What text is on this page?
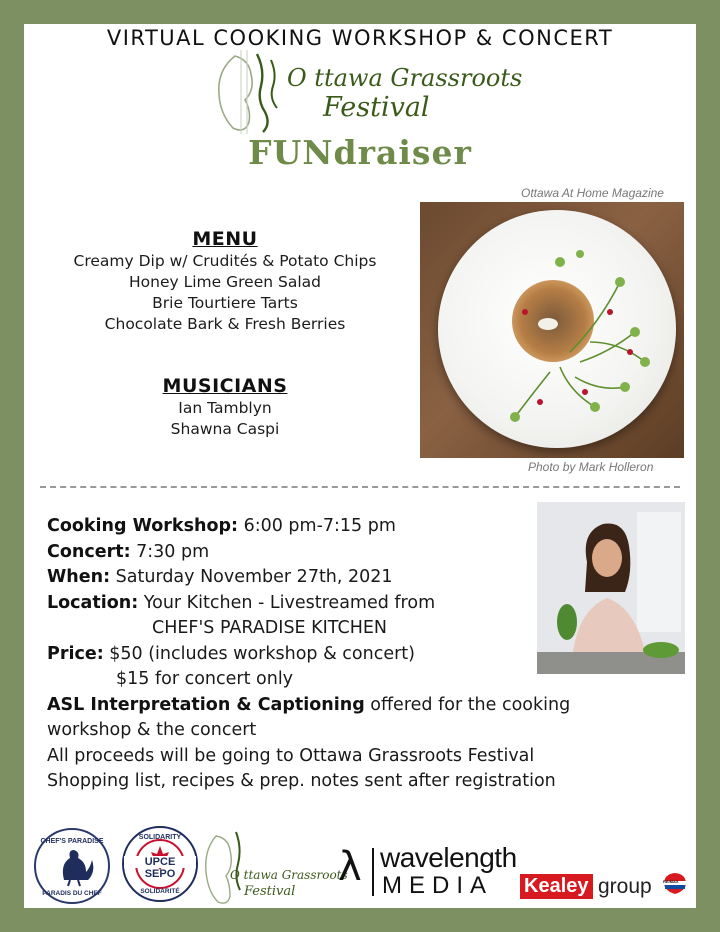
VIRTUAL COOKING WORKSHOP & CONCERT
O ttawa Grassroots
Festival
FUNdraiser
Ottawa At Home Magazine
Photo by Mark Holleron
MENU
Creamy Dip w/ Crudités & Potato Chips
Honey Lime Green Salad
Brie Tourtiere Tarts
Chocolate Bark & Fresh Berries
MUSICIANS
Ian Tamblyn
Shawna Caspi
Cooking Workshop: 6:00 pm-7:15 pm
Concert: 7:30 pm
When: Saturday November 27th, 2021
Location: Your Kitchen - Livestreamed from
CHEF'S PARADISE KITCHEN
Price: $50 (includes workshop & concert)
$15 for concert only
ASL Interpretation & Captioning offered for the cooking
workshop & the concert
All proceeds will be going to Ottawa Grassroots Festival
Shopping list, recipes & prep. notes sent after registration
CHEF'S PARADISE
PARADIS DU CHEF
SOLIDARITY
UPCE
SEPO
SOLIDARITÉ
O ttawa Grassroots
Festival
λ wavelength
MEDIA Kealey group	RE/MAX
